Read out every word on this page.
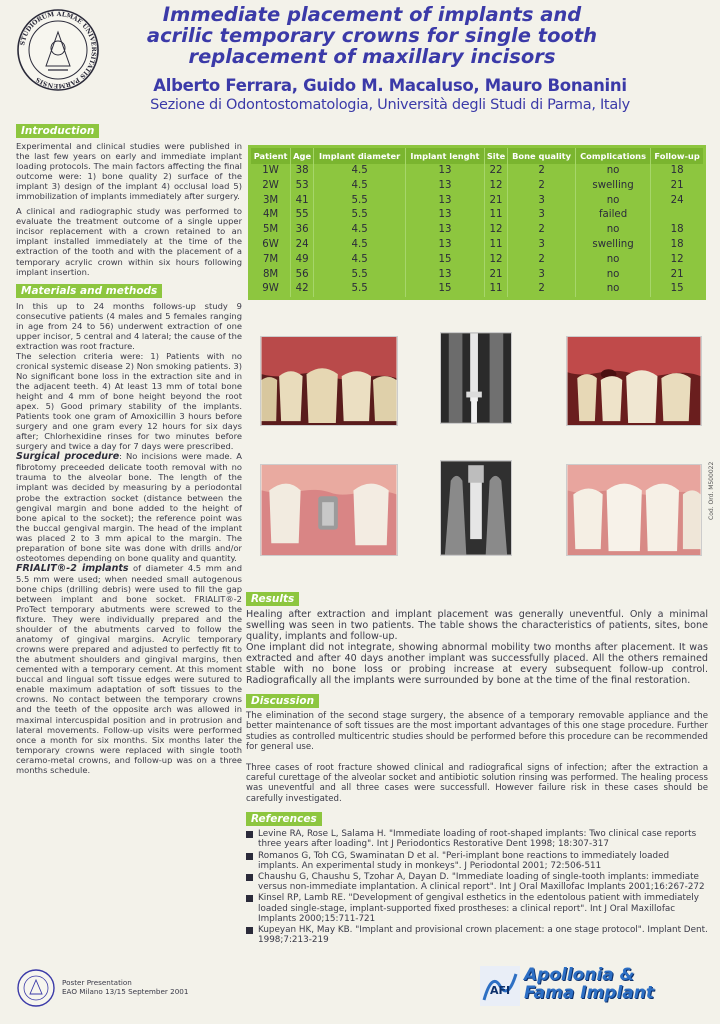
STUDIORUM ALMAE UNIVERSITATIS PARMENSIS
Immediate placement of implants and
acrilic temporary crowns for single tooth
replacement of maxillary incisors
Alberto Ferrara, Guido M. Macaluso, Mauro Bonanini
Sezione di Odontostomatologia, Università degli Studi di Parma, Italy
Introduction

Experimental and clinical studies were published in the last few years on early and immediate implant loading protocols. The main factors affecting the final outcome were: 1) bone quality 2) surface of the implant 3) design of the implant 4) occlusal load 5) immobilization of implants immediately after surgery.

A clinical and radiographic study was performed to evaluate the treatment outcome of a single upper incisor replacement with a crown retained to an implant installed immediately at the time of the extraction of the tooth and with the placement of a temporary acrylic crown within six hours following implant insertion.

Materials and methods

In this up to 24 months follows-up study 9 consecutive patients (4 males and 5 females ranging in age from 24 to 56) underwent extraction of one upper incisor, 5 central and 4 lateral; the cause of the extraction was root fracture.

The selection criteria were: 1) Patients with no cronical systemic disease 2) Non smoking patients. 3) No significant bone loss in the extraction site and in the adjacent teeth. 4) At least 13 mm of total bone height and 4 mm of bone height beyond the root apex. 5) Good primary stability of the implants. Patients took one gram of Amoxicillin 3 hours before surgery and one gram every 12 hours for six days after; Chlorhexidine rinses for two minutes before surgery and twice a day for 7 days were prescribed.

Surgical procedure: No incisions were made. A fibrotomy preceeded delicate tooth removal with no trauma to the alveolar bone. The length of the implant was decided by measuring by a periodontal probe the extraction socket (distance between the gengival margin and bone added to the height of bone apical to the socket); the reference point was the buccal gengival margin. The head of the implant was placed 2 to 3 mm apical to the margin. The preparation of bone site was done with drills and/or osteotomes depending on bone quality and quantity.

FRIALIT®-2 implants of diameter 4.5 mm and 5.5 mm were used; when needed small autogenous bone chips (drilling debris) were used to fill the gap between implant and bone socket. FRIALIT®-2 ProTect temporary abutments were screwed to the fixture. They were individually prepared and the shoulder of the abutments carved to follow the anatomy of gingival margins. Acrylic temporary crowns were prepared and adjusted to perfectly fit to the abutment shoulders and gingival margins, then cemented with a temporary cement. At this moment buccal and lingual soft tissue edges were sutured to enable maximum adaptation of soft tissues to the crowns. No contact between the temporary crowns and the teeth of the opposite arch was allowed in maximal intercuspidal position and in protrusion and lateral movements. Follow-up visits were performed once a month for six months. Six months later the temporary crowns were replaced with single tooth ceramo-metal crowns, and follow-up was on a three months schedule.

Patient	Age	Implant diameter	Implant lenght	Site	Bone quality	Complications	Follow-up
1W	38	4.5	13	22	2	no	18
2W	53	4.5	13	12	2	swelling	21
3M	41	5.5	13	21	3	no	24
4M	55	5.5	13	11	3	failed	
5M	36	4.5	13	12	2	no	18
6W	24	4.5	13	11	3	swelling	18
7M	49	4.5	15	12	2	no	12
8M	56	5.5	13	21	3	no	21
9W	42	5.5	15	11	2	no	15
Cod. Ord. M500022
Results

Healing after extraction and implant placement was generally uneventful. Only a minimal swelling was seen in two patients. The table shows the characteristics of patients, sites, bone quality, implants and follow-up.

One implant did not integrate, showing abnormal mobility two months after placement. It was extracted and after 40 days another implant was successfully placed. All the others remained stable with no bone loss or probing increase at every subsequent follow-up control. Radiografically all the implants were surrounded by bone at the time of the final restoration.

Discussion

The elimination of the second stage surgery, the absence of a temporary removable appliance and the better maintenance of soft tissues are the most important advantages of this one stage procedure. Further studies as controlled multicentric studies should be performed before this procedure can be recommended for general use.

Three cases of root fracture showed clinical and radiografical signs of infection; after the extraction a careful curettage of the alveolar socket and antibiotic solution rinsing was performed. The healing process was uneventful and all three cases were successfull. However failure risk in these cases should be carefully investigated.

References
Levine RA, Rose L, Salama H. "Immediate loading of root-shaped implants: Two clinical case reports three years after loading". Int J Periodontics Restorative Dent 1998; 18:307-317
Romanos G, Toh CG, Swaminatan D et al. "Peri-implant bone reactions to immediately loaded implants. An experimental study in monkeys". J Periodontal 2001; 72:506-511
Chaushu G, Chaushu S, Tzohar A, Dayan D. "Immediate loading of single-tooth implants: immediate versus non-immediate implantation. A clinical report". Int J Oral Maxillofac Implants 2001;16:267-272
Kinsel RP, Lamb RE. "Development of gengival esthetics in the edentolous patient with immediately loaded single-stage, implant-supported fixed prostheses: a clinical report". Int J Oral Maxillofac Implants 2000;15:711-721
Kupeyan HK, May KB. "Implant and provisional crown placement: a one stage protocol". Implant Dent. 1998;7:213-219
Poster Presentation
EAO Milano 13/15 September 2001	AFI
Apollonia &
Fama Implant
